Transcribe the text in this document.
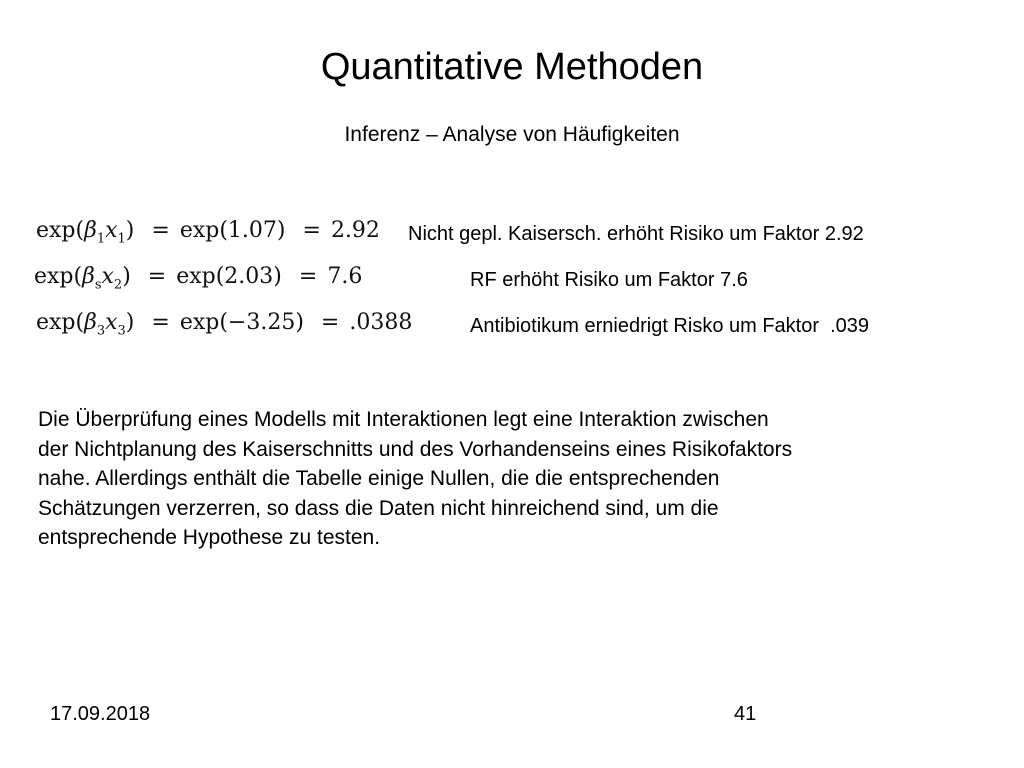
Quantitative Methoden
Inferenz – Analyse von Häufigkeiten
$\exp(\beta_1x_1) = \exp(1.07) = 2.92$
$\exp(\beta_sx_2) = \exp(2.03) = 7.6$
$\exp(\beta_3x_3) = \exp(-3.25) = .0388$
Nicht gepl. Kaisersch. erhöht Risiko um Faktor 2.92
RF erhöht Risiko um Faktor 7.6
Antibiotikum erniedrigt Risko um Faktor  .039
Die Überprüfung eines Modells mit Interaktionen legt eine Interaktion zwischen
der Nichtplanung des Kaiserschnitts und des Vorhandenseins eines Risikofaktors
nahe. Allerdings enthält die Tabelle einige Nullen, die die entsprechenden
Schätzungen verzerren, so dass die Daten nicht hinreichend sind, um die
entsprechende Hypothese zu testen.
17.09.2018	41
